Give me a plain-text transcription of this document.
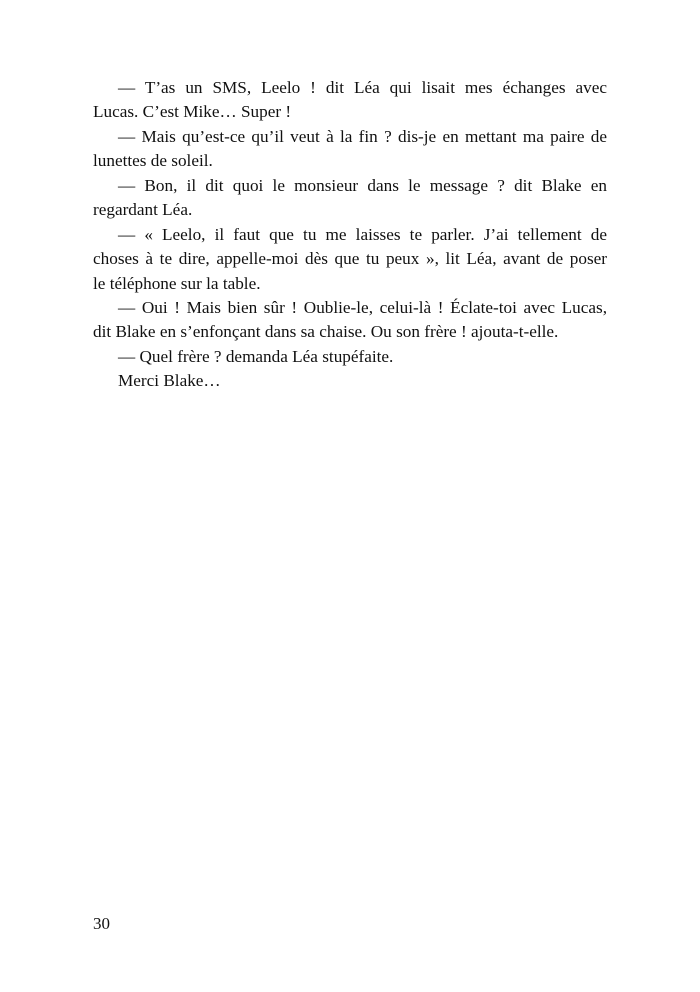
— T’as un SMS, Leelo ! dit Léa qui lisait mes échanges avec
Lucas. C’est Mike… Super !
— Mais qu’est-ce qu’il veut à la fin ? dis-je en mettant ma paire de
lunettes de soleil.
— Bon, il dit quoi le monsieur dans le message ? dit Blake en
regardant Léa.
— « Leelo, il faut que tu me laisses te parler. J’ai tellement de
choses à te dire, appelle-moi dès que tu peux », lit Léa, avant de poser
le téléphone sur la table.
— Oui ! Mais bien sûr ! Oublie-le, celui-là ! Éclate-toi avec Lucas,
dit Blake en s’enfonçant dans sa chaise. Ou son frère ! ajouta-t-elle.
— Quel frère ? demanda Léa stupéfaite.
Merci Blake…
30
